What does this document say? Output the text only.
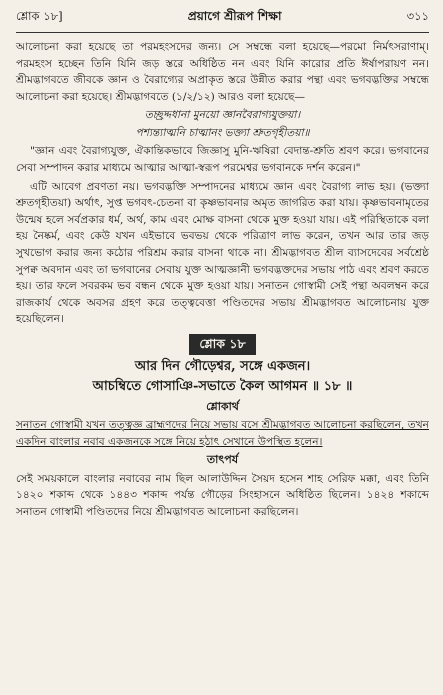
শ্লোক ১৮]	প্রয়াগে শ্রীরূপ শিক্ষা	৩১১

আলোচনা করা হয়েছে তা পরমহংসদের জন্য। সে সম্বন্ধে বলা হয়েছে—পরমো নির্মৎসরাণাম্। পরমহংস হচ্ছেন তিনি যিনি জড় স্তরে অধিষ্ঠিত নন এবং যিনি কারোর প্রতি ঈর্ষাপরায়ণ নন। শ্রীমদ্ভাগবতে জীবকে জ্ঞান ও বৈরাগ্যের অপ্রাকৃত স্তরে উন্নীত করার পন্থা এবং ভগবদ্ভক্তির সম্বন্ধে আলোচনা করা হয়েছে। শ্রীমদ্ভাগবতে (১/২/১২) আরও বলা হয়েছে—

তচ্ছ্রদ্দধানা মুনয়ো জ্ঞানবৈরাগ্যযুক্তয়া।
পশ্যন্ত্যাত্মনি চাত্মানং ভক্ত্যা শ্রুতগৃহীতয়া॥

"জ্ঞান এবং বৈরাগ্যযুক্ত, ঐকান্তিকভাবে জিজ্ঞাসু মুনি-ঋষিরা বেদান্ত-শ্রুতি শ্রবণ করে। ভগবানের সেবা সম্পাদন করার মাধ্যমে আত্মার আত্মা-স্বরূপ পরমেশ্বর ভগবানকে দর্শন করেন।"

এটি আবেগ প্রবণতা নয়। ভগবদ্ভক্তি সম্পাদনের মাধ্যমে জ্ঞান এবং বৈরাগ্য লাভ হয়। (ভক্ত্যা শ্রুতগৃহীতয়া) অর্থাৎ, সুপ্ত ভগবৎ-চেতনা বা কৃষ্ণভাবনার অমৃত জাগরিত করা যায়। কৃষ্ণভাবনামৃতের উন্মেষ হলে সর্বপ্রকার ধর্ম, অর্থ, কাম এবং মোক্ষ বাসনা থেকে মুক্ত হওয়া যায়। এই পরিস্থিতাকে বলা হয় নৈষ্কর্ম, এবং কেউ যখন এইভাবে ভবভয় থেকে পরিত্রাণ লাভ করেন, তখন আর তার জড় সুখভোগ করার জন্য কঠোর পরিশ্রম করার বাসনা থাকে না। শ্রীমদ্ভাগবত শ্রীল ব্যাসদেবের সর্বশ্রেষ্ঠ সুপক্ব অবদান এবং তা ভগবানের সেবায় যুক্ত আত্মজ্ঞানী ভগবদ্ভক্তদের সভায় পাঠ এবং শ্রবণ করতে হয়। তার ফলে সবরকম ভব বন্ধন থেকে মুক্ত হওয়া যায়। সনাতন গোস্বামী সেই পন্থা অবলম্বন করে রাজকার্য থেকে অবসর গ্রহণ করে তত্ত্ববেত্তা পণ্ডিতদের সভায় শ্রীমদ্ভাগবত আলোচনায় যুক্ত হয়েছিলেন।

শ্লোক ১৮
আর দিন গৌড়েশ্বর, সঙ্গে একজন।
আচম্বিতে গোসাঞি-সভাতে কৈল আগমন ॥ ১৮ ॥
শ্লোকার্থ

সনাতন গোস্বামী যখন তত্ত্বজ্ঞ ব্রাহ্মণদের নিয়ে সভায় বসে শ্রীমদ্ভাগবত আলোচনা করছিলেন, তখন একদিন বাংলার নবাব একজনকে সঙ্গে নিয়ে হঠাৎ সেখানে উপস্থিত হলেন।

তাৎপর্য

সেই সময়কালে বাংলার নবাবের নাম ছিল আলাউদ্দিন সৈয়দ হসেন শাহ সেরিফ মক্কা, এবং তিনি ১৪২০ শকাব্দ থেকে ১৪৪৩ শকাব্দ পর্যন্ত গৌড়ের সিংহাসনে অধিষ্ঠিত ছিলেন। ১৪২৪ শকাব্দে সনাতন গোস্বামী পণ্ডিতদের নিয়ে শ্রীমদ্ভাগবত আলোচনা করছিলেন।
